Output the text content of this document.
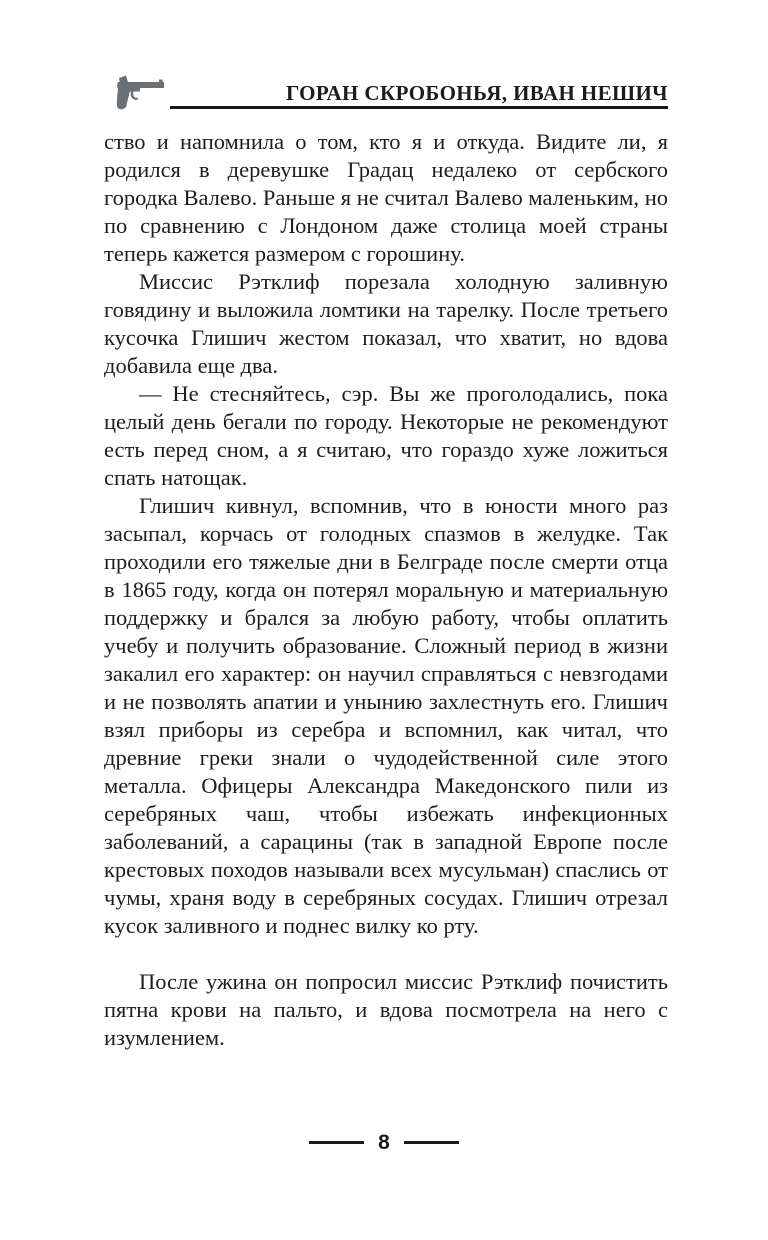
ГОРАН СКРОБОНЬЯ, ИВАН НЕШИЧ

ство и напомнила о том, кто я и откуда. Видите ли, я родился в деревушке Градац недалеко от сербского городка Валево. Раньше я не считал Валево маленьким, но по сравнению с Лондоном даже столица моей страны теперь кажется размером с горошину.

Миссис Рэтклиф порезала холодную заливную говядину и выложила ломтики на тарелку. После третьего кусочка Глишич жестом показал, что хватит, но вдова добавила еще два.

— Не стесняйтесь, сэр. Вы же проголодались, пока целый день бегали по городу. Некоторые не рекомендуют есть перед сном, а я считаю, что гораздо хуже ложиться спать натощак.

Глишич кивнул, вспомнив, что в юности много раз засыпал, корчась от голодных спазмов в желудке. Так проходили его тяжелые дни в Белграде после смерти отца в 1865 году, когда он потерял моральную и материальную поддержку и брался за любую работу, чтобы оплатить учебу и получить образование. Сложный период в жизни закалил его характер: он научил справляться с невзгодами и не позволять апатии и унынию захлестнуть его. Глишич взял приборы из серебра и вспомнил, как читал, что древние греки знали о чудодейственной силе этого металла. Офицеры Александра Македонского пили из серебряных чаш, чтобы избежать инфекционных заболеваний, а сарацины (так в западной Европе после крестовых походов называли всех мусульман) спаслись от чумы, храня воду в серебряных сосудах. Глишич отрезал кусок заливного и поднес вилку ко рту.

После ужина он попросил миссис Рэтклиф почистить пятна крови на пальто, и вдова посмотрела на него с изумлением.

8
